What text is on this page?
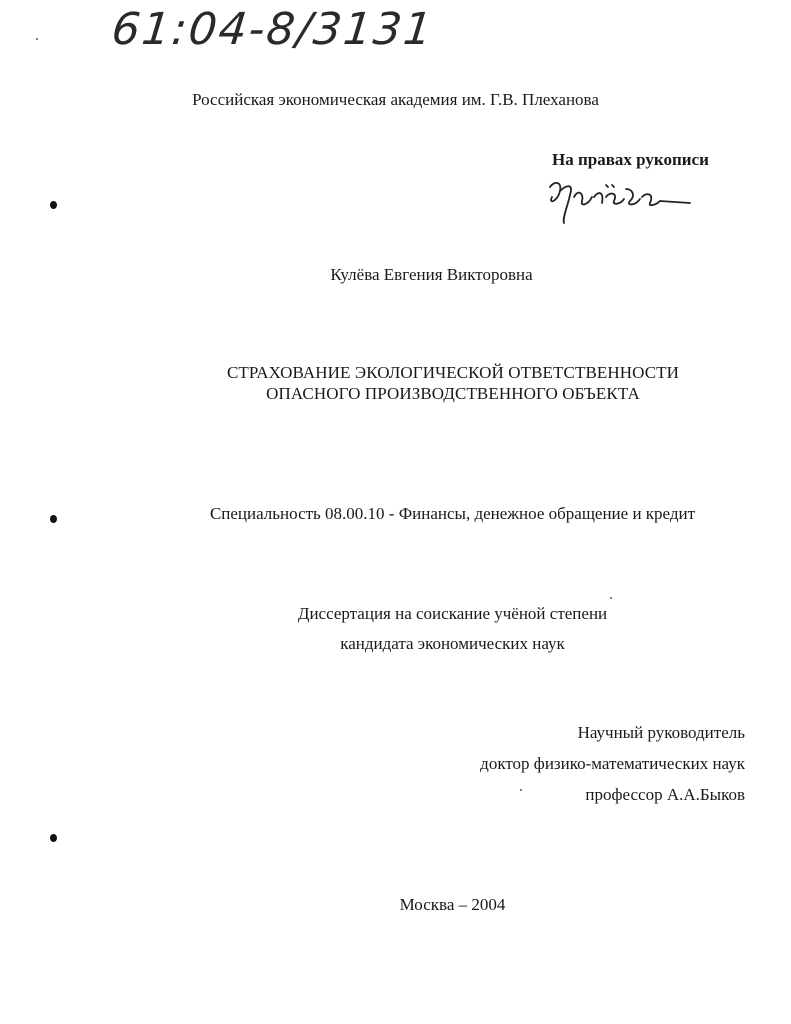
61:04-8/3131
Российская экономическая академия им. Г.В. Плеханова
На правах рукописи
Кулёва Евгения Викторовна
СТРАХОВАНИЕ ЭКОЛОГИЧЕСКОЙ ОТВЕТСТВЕННОСТИ
ОПАСНОГО ПРОИЗВОДСТВЕННОГО ОБЪЕКТА
Специальность 08.00.10 - Финансы, денежное обращение и кредит
Диссертация на соискание учёной степени
кандидата экономических наук
Научный руководитель
доктор физико-математических наук
профессор А.А.Быков
Москва – 2004
